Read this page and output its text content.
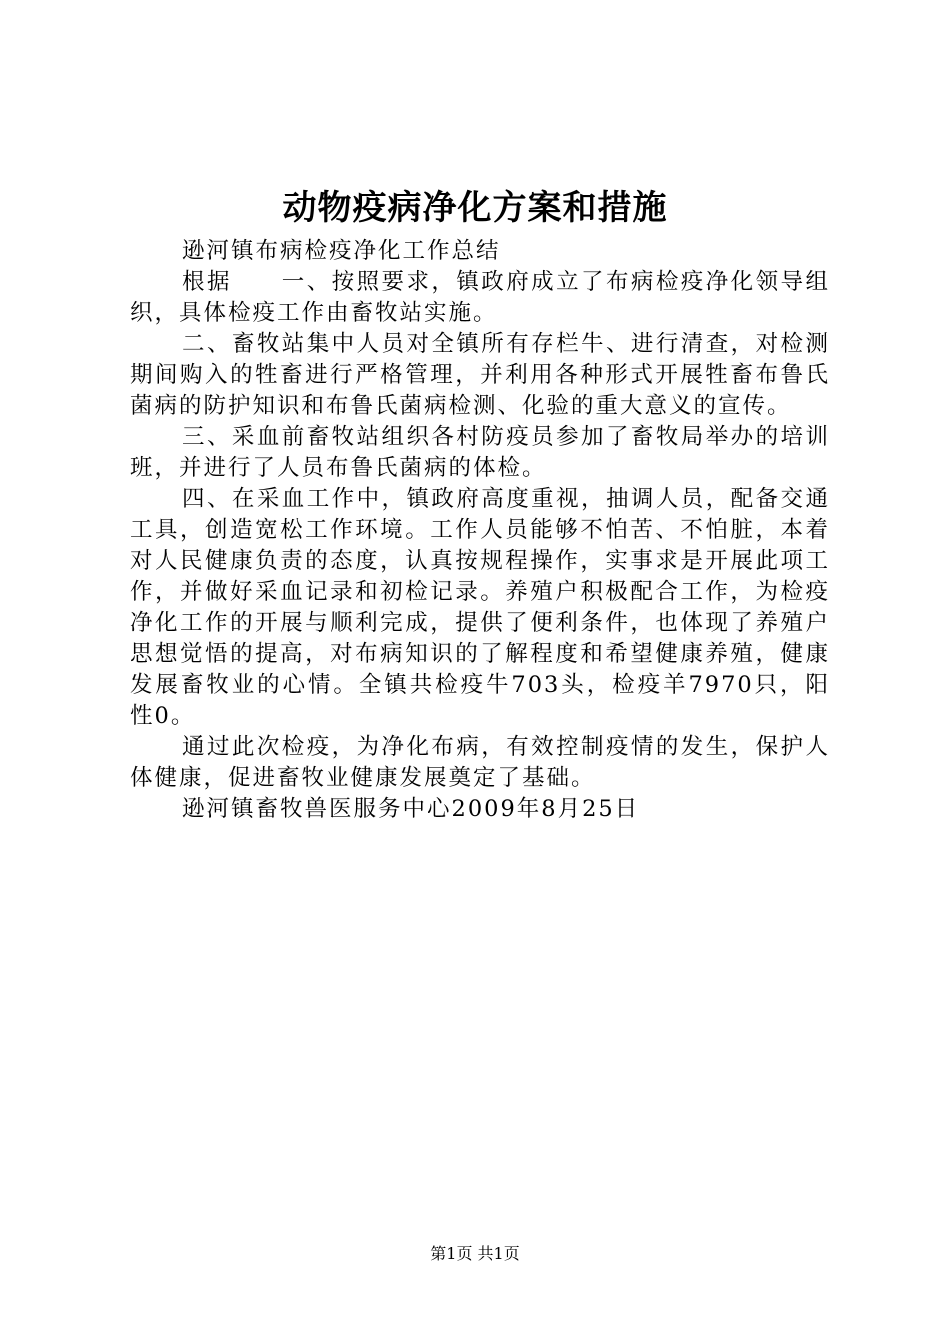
动物疫病净化方案和措施

逊河镇布病检疫净化工作总结

根据　　一、按照要求，镇政府成立了布病检疫净化领导组织，具体检疫工作由畜牧站实施。

二、畜牧站集中人员对全镇所有存栏牛、进行清查，对检测期间购入的牲畜进行严格管理，并利用各种形式开展牲畜布鲁氏菌病的防护知识和布鲁氏菌病检测、化验的重大意义的宣传。

三、采血前畜牧站组织各村防疫员参加了畜牧局举办的培训班，并进行了人员布鲁氏菌病的体检。

四、在采血工作中，镇政府高度重视，抽调人员，配备交通工具，创造宽松工作环境。工作人员能够不怕苦、不怕脏，本着对人民健康负责的态度，认真按规程操作，实事求是开展此项工作，并做好采血记录和初检记录。养殖户积极配合工作，为检疫净化工作的开展与顺利完成，提供了便利条件，也体现了养殖户思想觉悟的提高，对布病知识的了解程度和希望健康养殖，健康发展畜牧业的心情。全镇共检疫牛703头，检疫羊7970只，阳性0。

通过此次检疫，为净化布病，有效控制疫情的发生，保护人体健康，促进畜牧业健康发展奠定了基础。

逊河镇畜牧兽医服务中心2009年8月25日

第1页 共1页
